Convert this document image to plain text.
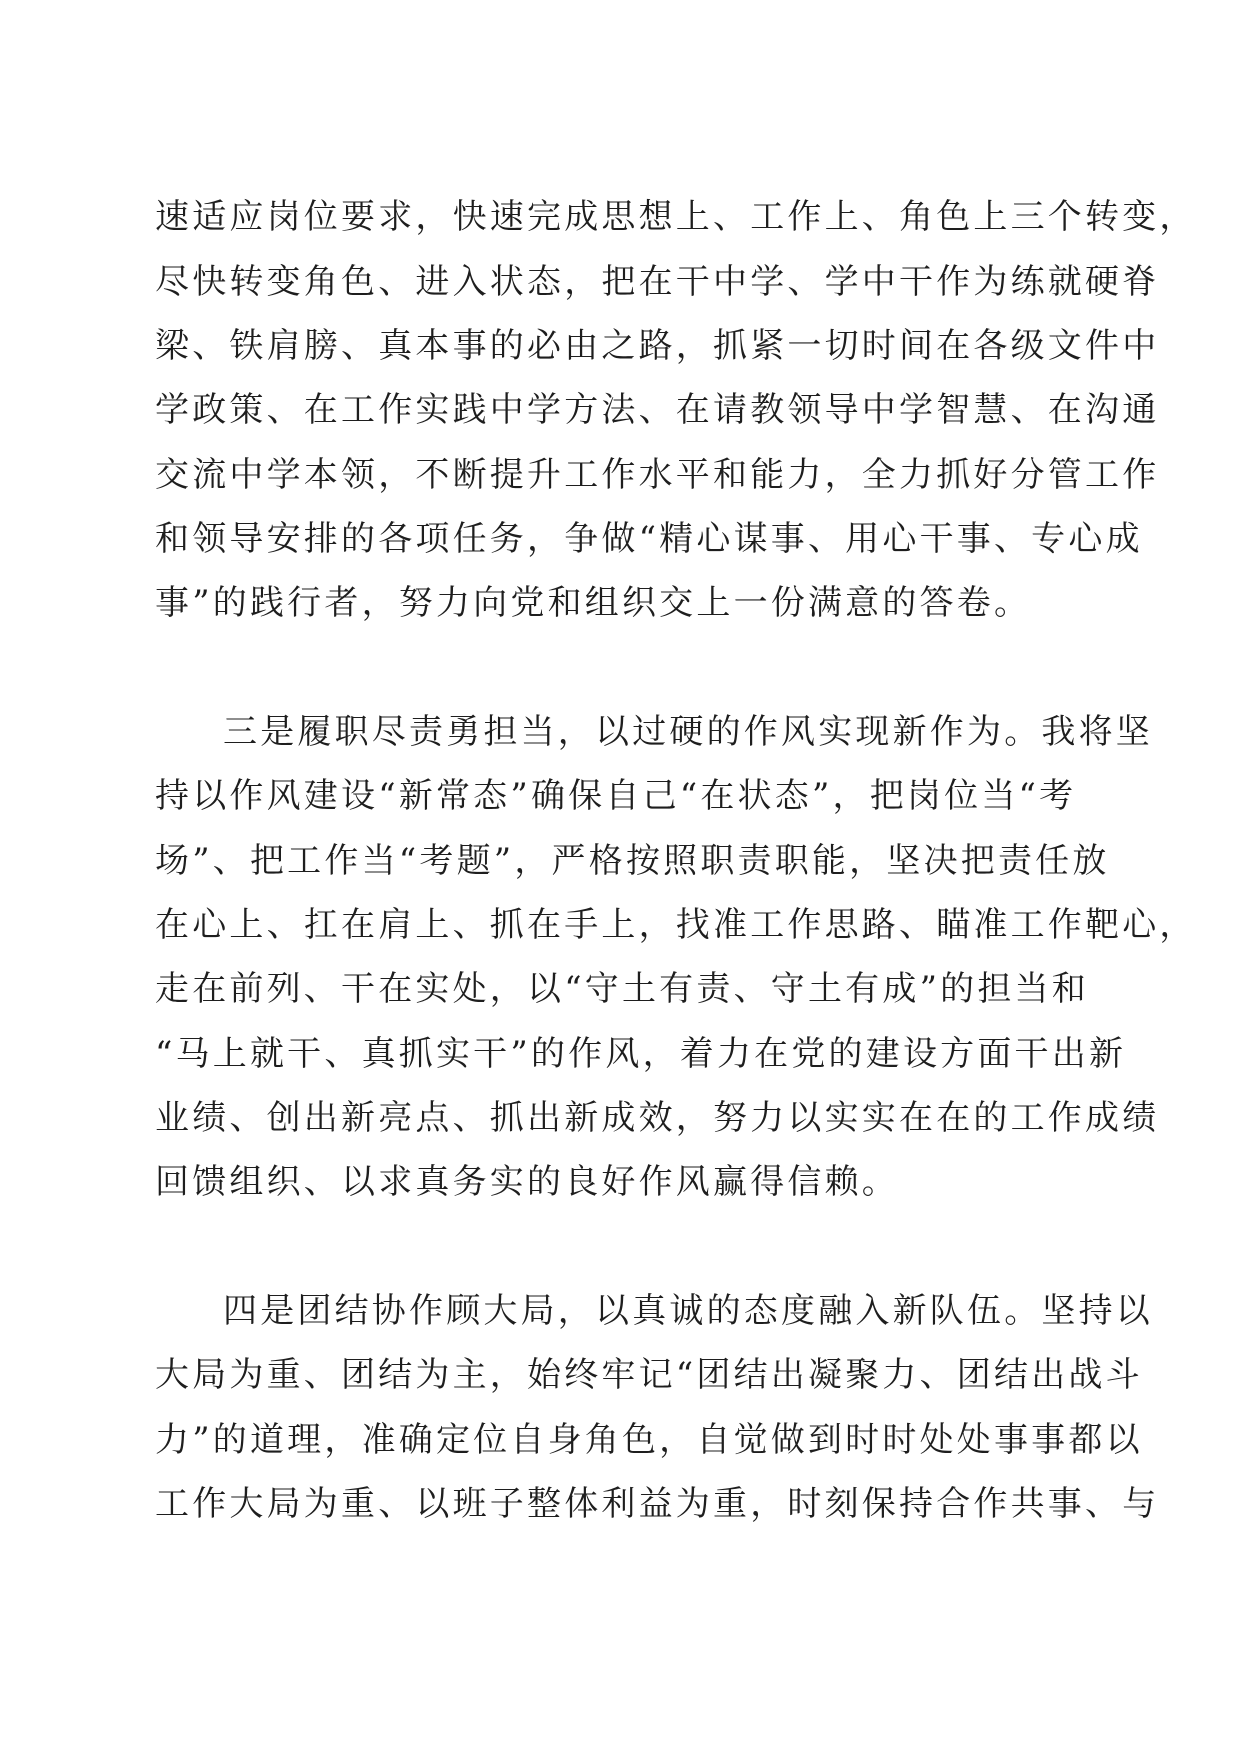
速适应岗位要求，快速完成思想上、工作上、角色上三个转变，

尽快转变角色、进入状态，把在干中学、学中干作为练就硬脊

梁、铁肩膀、真本事的必由之路，抓紧一切时间在各级文件中

学政策、在工作实践中学方法、在请教领导中学智慧、在沟通

交流中学本领，不断提升工作水平和能力，全力抓好分管工作

和领导安排的各项任务，争做“精心谋事、用心干事、专心成

事”的践行者，努力向党和组织交上一份满意的答卷。

三是履职尽责勇担当，以过硬的作风实现新作为。我将坚

持以作风建设“新常态”确保自己“在状态”，把岗位当“考

场”、把工作当“考题”，严格按照职责职能，坚决把责任放

在心上、扛在肩上、抓在手上，找准工作思路、瞄准工作靶心，

走在前列、干在实处，以“守土有责、守土有成”的担当和

“马上就干、真抓实干”的作风，着力在党的建设方面干出新

业绩、创出新亮点、抓出新成效，努力以实实在在的工作成绩

回馈组织、以求真务实的良好作风赢得信赖。

四是团结协作顾大局，以真诚的态度融入新队伍。坚持以

大局为重、团结为主，始终牢记“团结出凝聚力、团结出战斗

力”的道理，准确定位自身角色，自觉做到时时处处事事都以

工作大局为重、以班子整体利益为重，时刻保持合作共事、与
